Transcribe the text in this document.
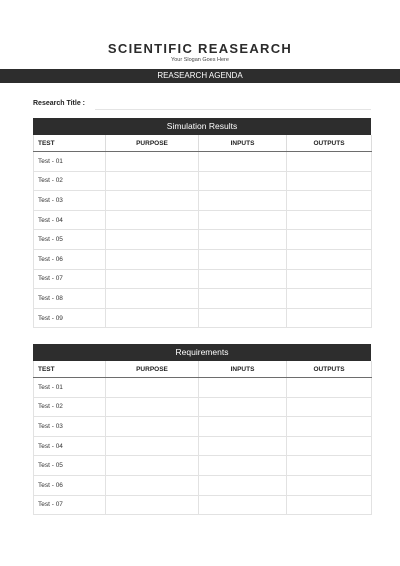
SCIENTIFIC REASEARCH
Your Slogan Goes Here
REASEARCH AGENDA
Research Title :
Simulation Results
TEST	PURPOSE	INPUTS	OUTPUTS
Test - 01			
Test - 02			
Test - 03			
Test - 04			
Test - 05			
Test - 06			
Test - 07			
Test - 08			
Test - 09			
Requirements
TEST	PURPOSE	INPUTS	OUTPUTS
Test - 01			
Test - 02			
Test - 03			
Test - 04			
Test - 05			
Test - 06			
Test - 07			
